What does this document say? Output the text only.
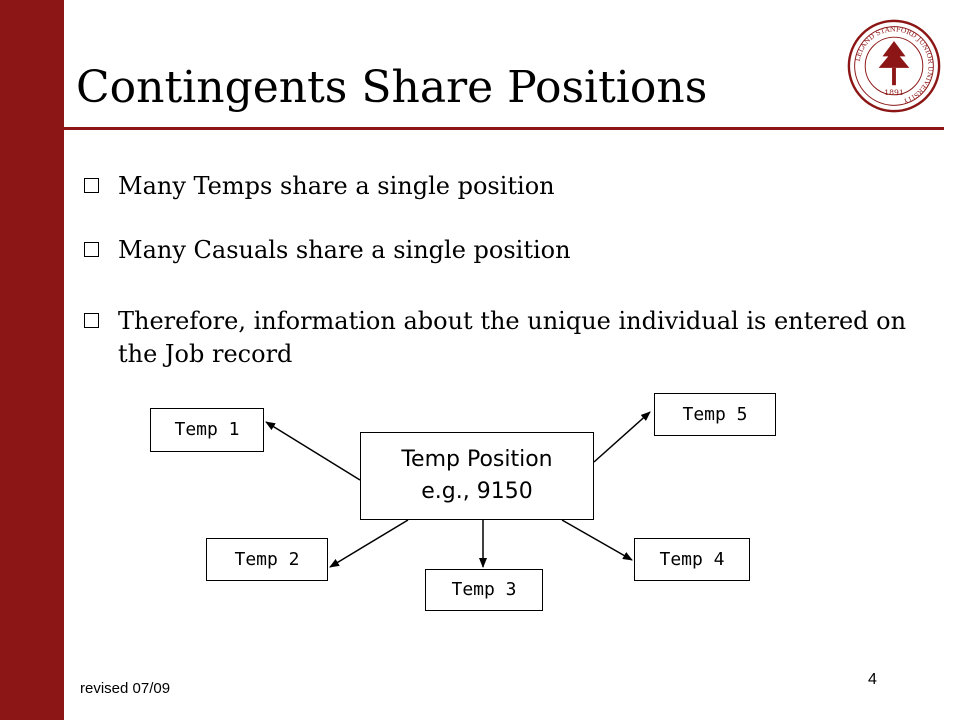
Contingents Share Positions
LELAND STANFORD JUNIOR UNIVERSITY
1891
Many Temps share a single position
Many Casuals share a single position
Therefore, information about the unique individual is entered on the Job record
Temp Position
e.g., 9150
Temp 1
Temp 2
Temp 3
Temp 4
Temp 5
revised 07/09
4
